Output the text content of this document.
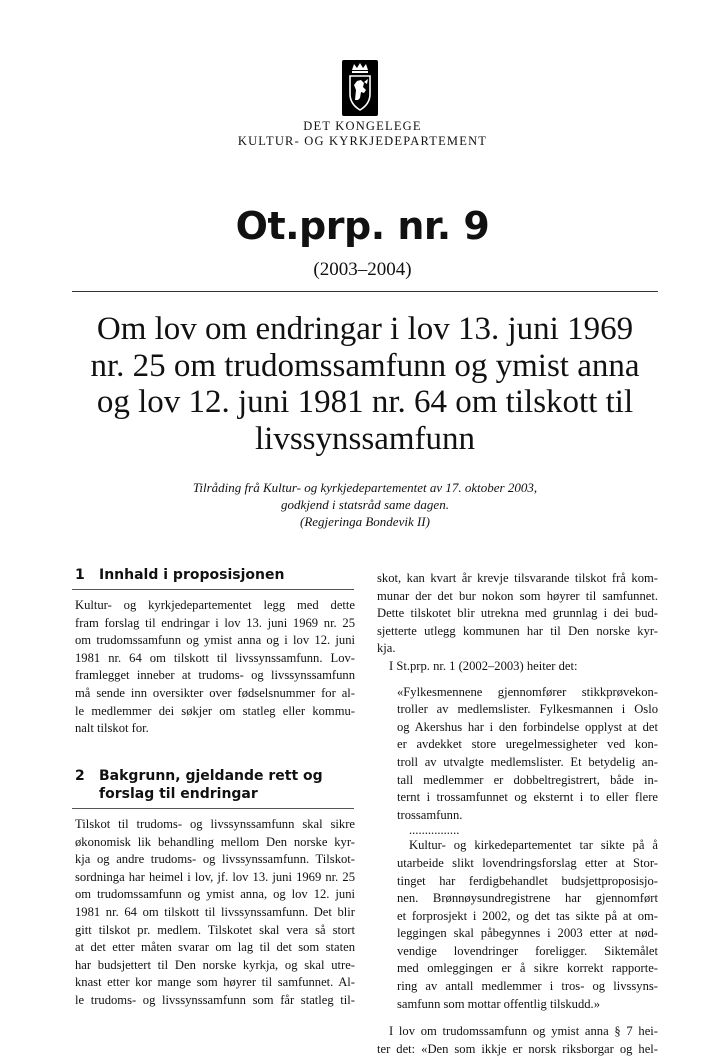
DET KONGELEGE
KULTUR- OG KYRKJEDEPARTEMENT
Ot.prp. nr. 9
(2003–2004)
Om lov om endringar i lov 13. juni 1969
nr. 25 om trudomssamfunn og ymist anna
og lov 12. juni 1981 nr. 64 om tilskott til
livssynssamfunn
Tilråding frå Kultur- og kyrkjedepartementet av 17. oktober 2003,
godkjend i statsråd same dagen.
(Regjeringa Bondevik II)
1	Innhald i proposisjonen
Kultur- og kyrkjedepartementet legg med dette
fram forslag til endringar i lov 13. juni 1969 nr. 25
om trudomssamfunn og ymist anna og i lov 12. juni
1981 nr. 64 om tilskott til livssynssamfunn. Lov-
framlegget inneber at trudoms- og livssynssamfunn
må sende inn oversikter over fødselsnummer for al-
le medlemmer dei søkjer om statleg eller kommu-
nalt tilskot for.
2	Bakgrunn, gjeldande rett og
forslag til endringar
Tilskot til trudoms- og livssynssamfunn skal sikre
økonomisk lik behandling mellom Den norske kyr-
kja og andre trudoms- og livssynssamfunn. Tilskot-
sordninga har heimel i lov, jf. lov 13. juni 1969 nr. 25
om trudomssamfunn og ymist anna, og lov 12. juni
1981 nr. 64 om tilskott til livssynssamfunn. Det blir
gitt tilskot pr. medlem. Tilskotet skal vera så stort
at det etter måten svarar om lag til det som staten
har budsjettert til Den norske kyrkja, og skal utre-
knast etter kor mange som høyrer til samfunnet. Al-
le trudoms- og livssynssamfunn som får statleg til-
skot, kan kvart år krevje tilsvarande tilskot frå kom-
munar der det bur nokon som høyrer til samfunnet.
Dette tilskotet blir utrekna med grunnlag i dei bud-
sjetterte utlegg kommunen har til Den norske kyr-
kja.
I St.prp. nr. 1 (2002–2003) heiter det:
«Fylkesmennene gjennomfører stikkprøvekon-
troller av medlemslister. Fylkesmannen i Oslo
og Akershus har i den forbindelse opplyst at det
er avdekket store uregelmessigheter ved kon-
troll av utvalgte medlemslister. Et betydelig an-
tall medlemmer er dobbeltregistrert, både in-
ternt i trossamfunnet og eksternt i to eller flere
trossamfunn.
................
Kultur- og kirkedepartementet tar sikte på å
utarbeide slikt lovendringsforslag etter at Stor-
tinget har ferdigbehandlet budsjettproposisjo-
nen. Brønnøysundregistrene har gjennomført
et forprosjekt i 2002, og det tas sikte på at om-
leggingen skal påbegynnes i 2003 etter at nød-
vendige lovendringer foreligger. Siktemålet
med omleggingen er å sikre korrekt rapporte-
ring av antall medlemmer i tros- og livssyns-
samfunn som mottar offentlig tilskudd.»
I lov om trudomssamfunn og ymist anna § 7 hei-
ter det: «Den som ikkje er norsk riksborgar og hel-
